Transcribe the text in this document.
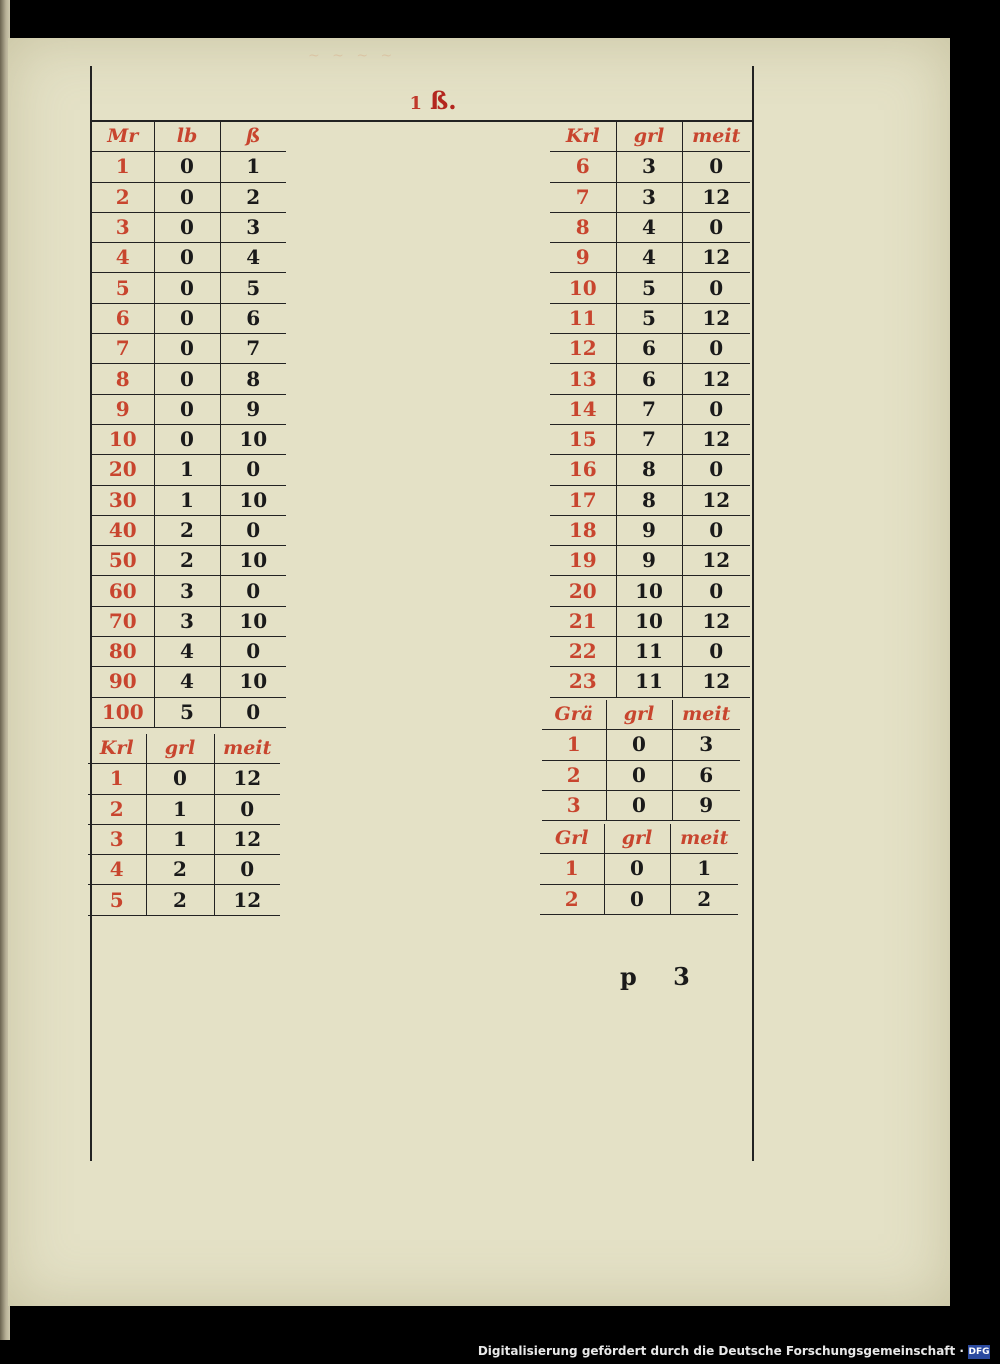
~ ~ ~ ~
1 ß.
Mr	lb	ß
1	0	1
2	0	2
3	0	3
4	0	4
5	0	5
6	0	6
7	0	7
8	0	8
9	0	9
10	0	10
20	1	0
30	1	10
40	2	0
50	2	10
60	3	0
70	3	10
80	4	0
90	4	10
100	5	0
Krl	grl	meit
1	0	12
2	1	0
3	1	12
4	2	0
5	2	12
Krl	grl	meit
6	3	0
7	3	12
8	4	0
9	4	12
10	5	0
11	5	12
12	6	0
13	6	12
14	7	0
15	7	12
16	8	0
17	8	12
18	9	0
19	9	12
20	10	0
21	10	12
22	11	0
23	11	12
Grä	grl	meit
1	0	3
2	0	6
3	0	9
Grl	grl	meit
1	0	1
2	0	2
p 3
Digitalisierung gefördert durch die Deutsche Forschungsgemeinschaft · DFG
